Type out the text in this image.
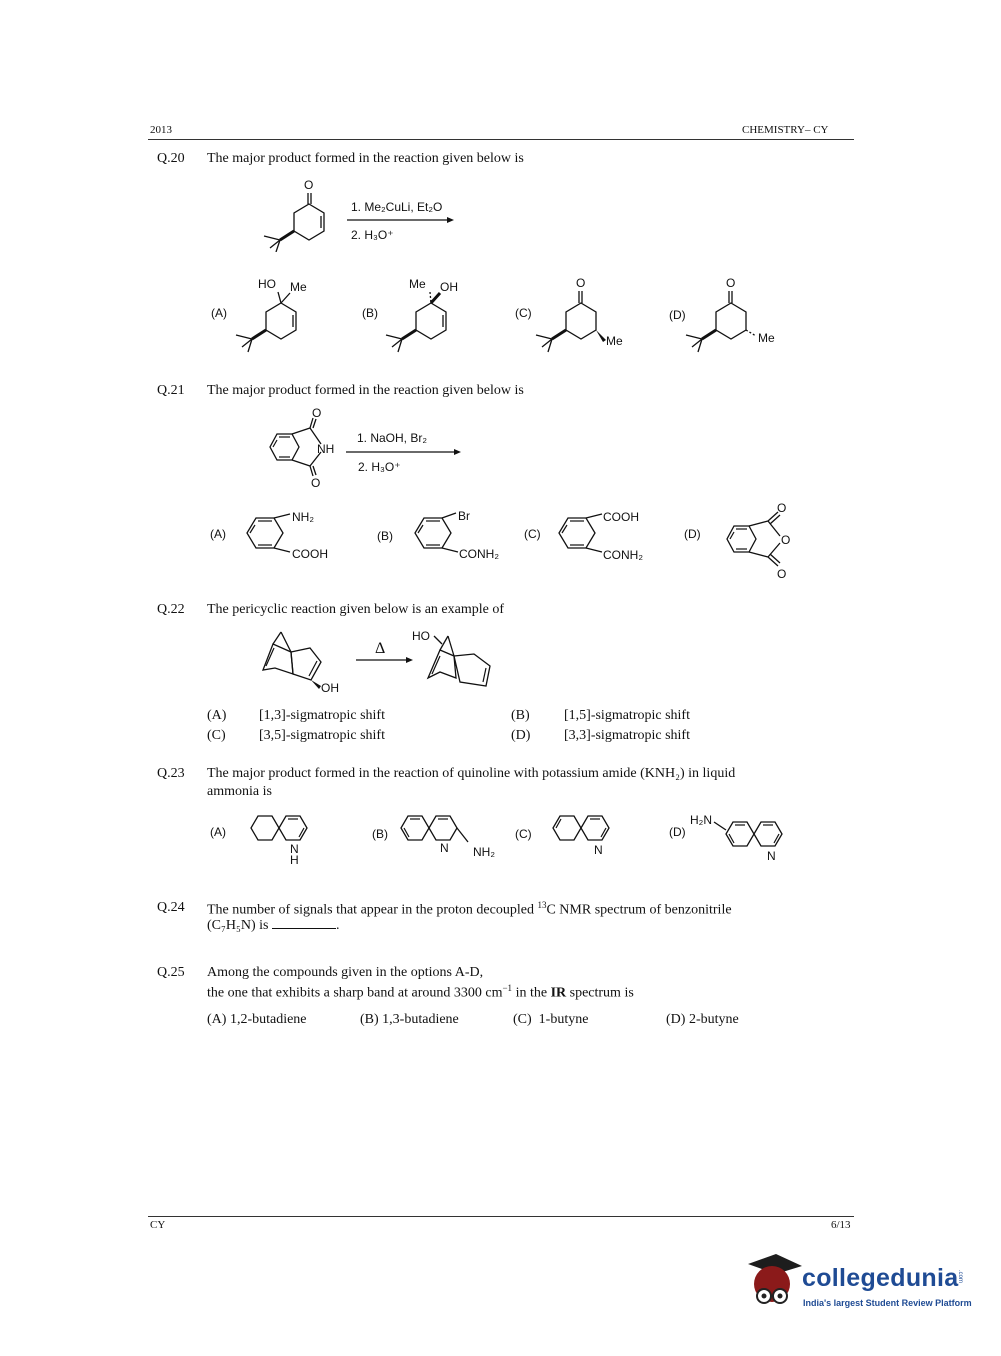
2013	CHEMISTRY– CY
Q.20 The major product formed in the reaction given below is
O
1. Me₂CuLi, Et₂O
2. H₃O⁺
(A)
HO Me
(B)
Me OH
(C)
O
Me
(D)
O
Me
Q.21 The major product formed in the reaction given below is
O
O
NH
1. NaOH, Br₂
2. H₃O⁺
(A)
NH₂
COOH
(B)
Br
CONH₂
(C)
COOH
CONH₂
(D)	O
O
O
Q.22 The pericyclic reaction given below is an example of
OH
Δ
HO
(A) [1,3]-sigmatropic shift	(B) [1,5]-sigmatropic shift
(C) [3,5]-sigmatropic shift	(D) [3,3]-sigmatropic shift
Q.23 The major product formed in the reaction of quinoline with potassium amide (KNH₂) in liquid
ammonia is
(A)
N
H
(B)
N NH₂
(C)
N
(D)
H₂N
N
Q.24 The number of signals that appear in the proton decoupled $^{13}$C NMR spectrum of benzonitrile
(C₇H₅N) is	.
Q.25 Among the compounds given in the options A-D,
the one that exhibits a sharp band at around 3300 $cm^{-1}$ in the IR spectrum is
(A) 1,2-butadiene	(B) 1,3-butadiene	(C) 1-butyne	(D) 2-butyne
CY	6/13
collegedunia
.com
India's largest Student Review Platform
